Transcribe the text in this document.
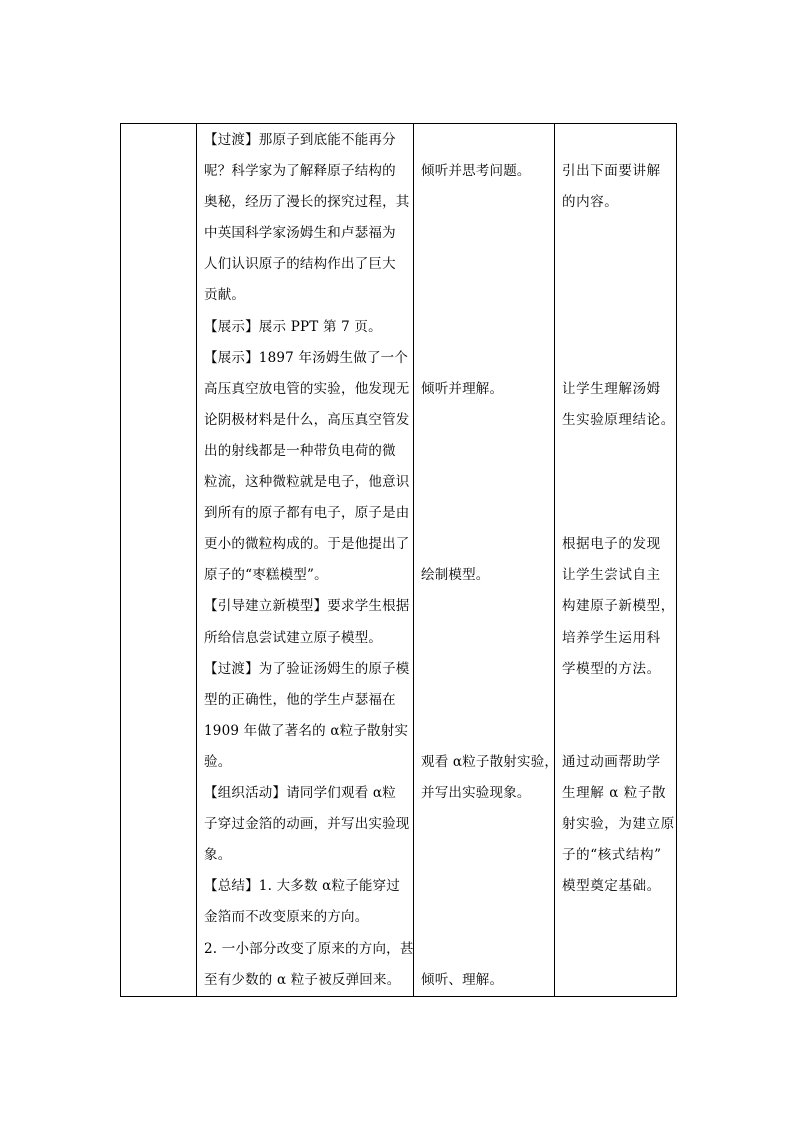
【过渡】那原子到底能不能再分
呢？科学家为了解释原子结构的
奥秘，经历了漫长的探究过程，其
中英国科学家汤姆生和卢瑟福为
人们认识原子的结构作出了巨大
贡献。
【展示】展示 PPT 第 7 页。
【展示】1897 年汤姆生做了一个
高压真空放电管的实验，他发现无
论阴极材料是什么，高压真空管发
出的射线都是一种带负电荷的微
粒流，这种微粒就是电子，他意识
到所有的原子都有电子，原子是由
更小的微粒构成的。于是他提出了
原子的“枣糕模型”。
【引导建立新模型】要求学生根据
所给信息尝试建立原子模型。
【过渡】为了验证汤姆生的原子模
型的正确性，他的学生卢瑟福在
1909 年做了著名的 α粒子散射实
验。
【组织活动】请同学们观看 α粒
子穿过金箔的动画，并写出实验现
象。
【总结】1. 大多数 α粒子能穿过
金箔而不改变原来的方向。
2. 一小部分改变了原来的方向，甚
至有少数的 α 粒子被反弹回来。
倾听并思考问题。
倾听并理解。
绘制模型。
观看 α粒子散射实验，
并写出实验现象。
倾听、理解。
引出下面要讲解
的内容。
让学生理解汤姆
生实验原理结论。
根据电子的发现
让学生尝试自主
构建原子新模型，
培养学生运用科
学模型的方法。
通过动画帮助学
生理解 α 粒子散
射实验，为建立原
子的“核式结构”
模型奠定基础。
